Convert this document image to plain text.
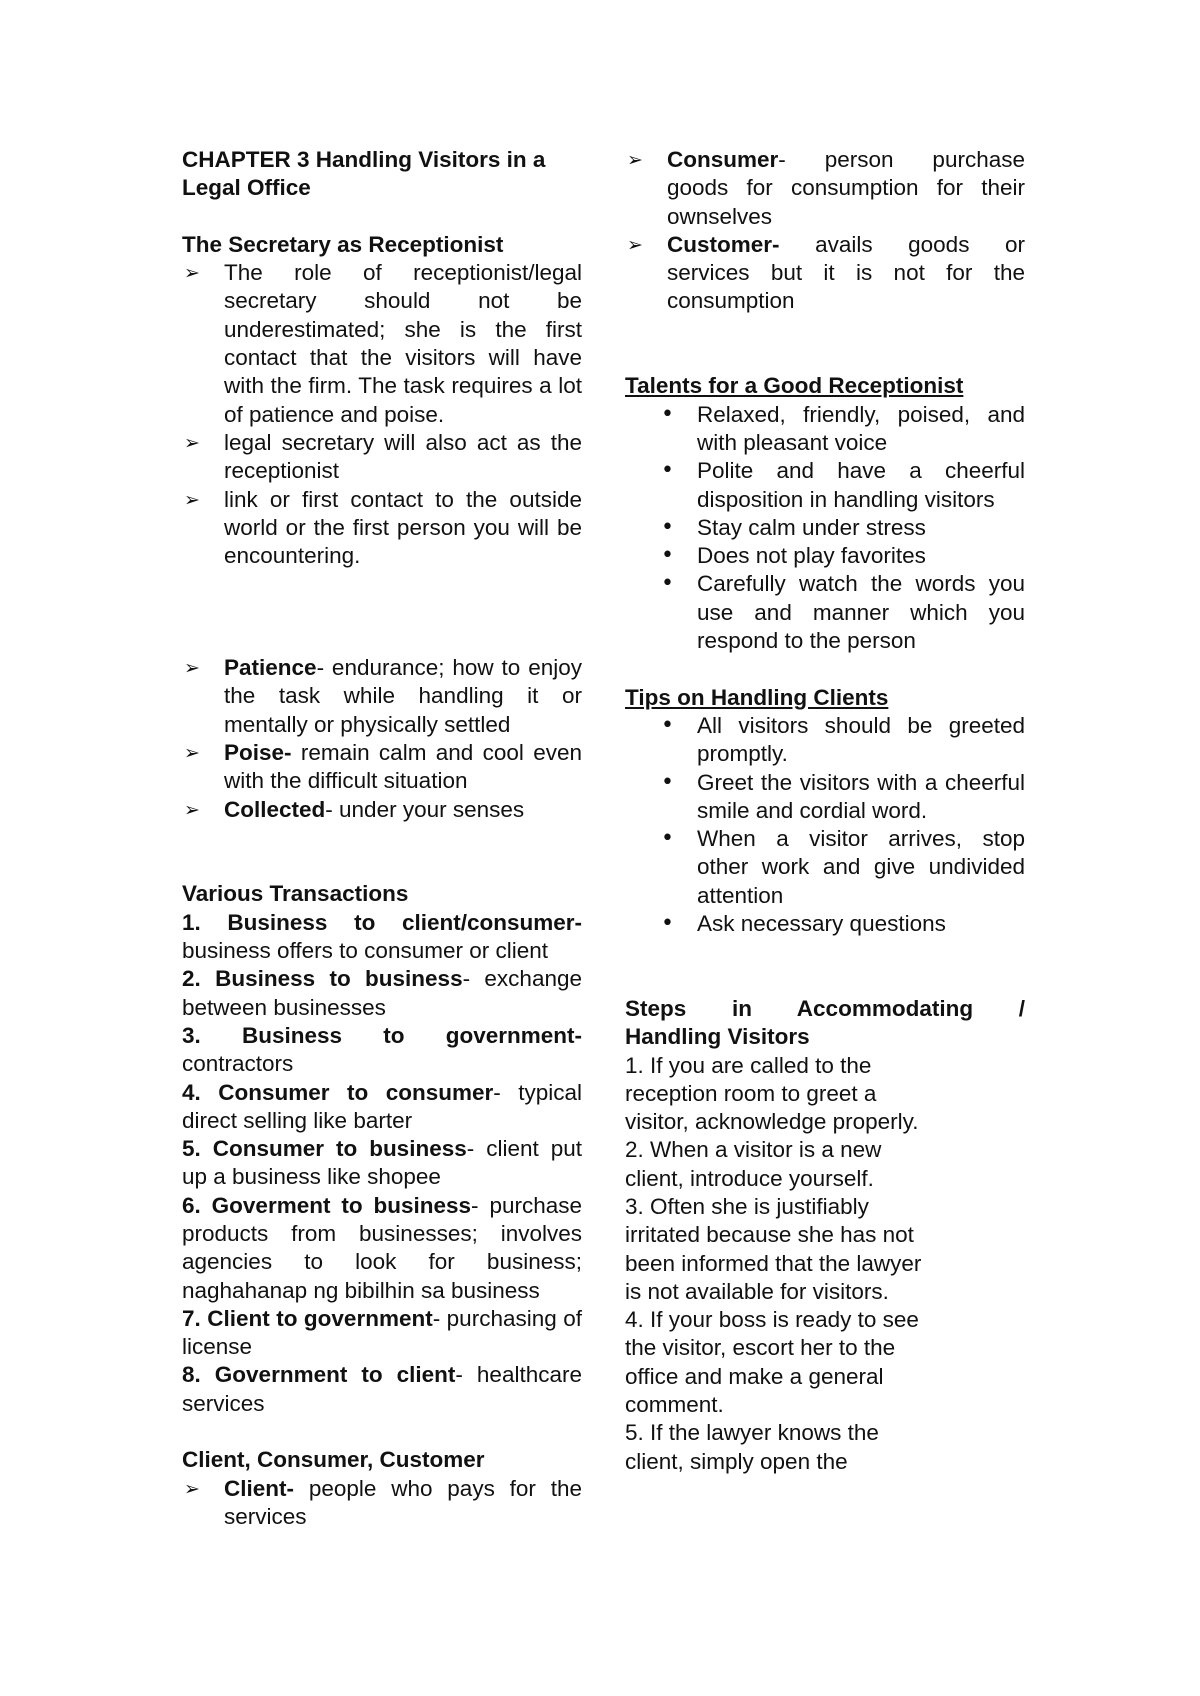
CHAPTER 3 Handling Visitors in a Legal Office

The Secretary as Receptionist

➢ The role of receptionist/legal secretary should not be underestimated; she is the first contact that the visitors will have with the firm. The task requires a lot of patience and poise.
➢ legal secretary will also act as the receptionist
➢ link or first contact to the outside world or the first person you will be encountering.
➢ Patience- endurance; how to enjoy the task while handling it or mentally or physically settled
➢ Poise- remain calm and cool even with the difficult situation
➢ Collected- under your senses

Various Transactions

1. Business to client/consumer- business offers to consumer or client

2. Business to business- exchange between businesses

3. Business to government- contractors

4. Consumer to consumer- typical direct selling like barter

5. Consumer to business- client put up a business like shopee

6. Goverment to business- purchase products from businesses; involves agencies to look for business; naghahanap ng bibilhin sa business

7. Client to government- purchasing of license

8. Government to client- healthcare services

Client, Consumer, Customer

➢ Client- people who pays for the services
➢ Consumer- person purchase goods for consumption for their ownselves
➢ Customer- avails goods or services but it is not for the consumption

Talents for a Good Receptionist

• Relaxed, friendly, poised, and with pleasant voice
• Polite and have a cheerful disposition in handling visitors
• Stay calm under stress
• Does not play favorites
• Carefully watch the words you use and manner which you respond to the person

Tips on Handling Clients

• All visitors should be greeted promptly.
• Greet the visitors with a cheerful smile and cordial word.
• When a visitor arrives, stop other work and give undivided attention
• Ask necessary questions

Steps in Accommodating /

Handling Visitors

1. If you are called to the reception room to greet a visitor, acknowledge properly.

2. When a visitor is a new client, introduce yourself.

3. Often she is justifiably irritated because she has not been informed that the lawyer is not available for visitors.

4. If your boss is ready to see the visitor, escort her to the office and make a general comment.

5. If the lawyer knows the client, simply open the
